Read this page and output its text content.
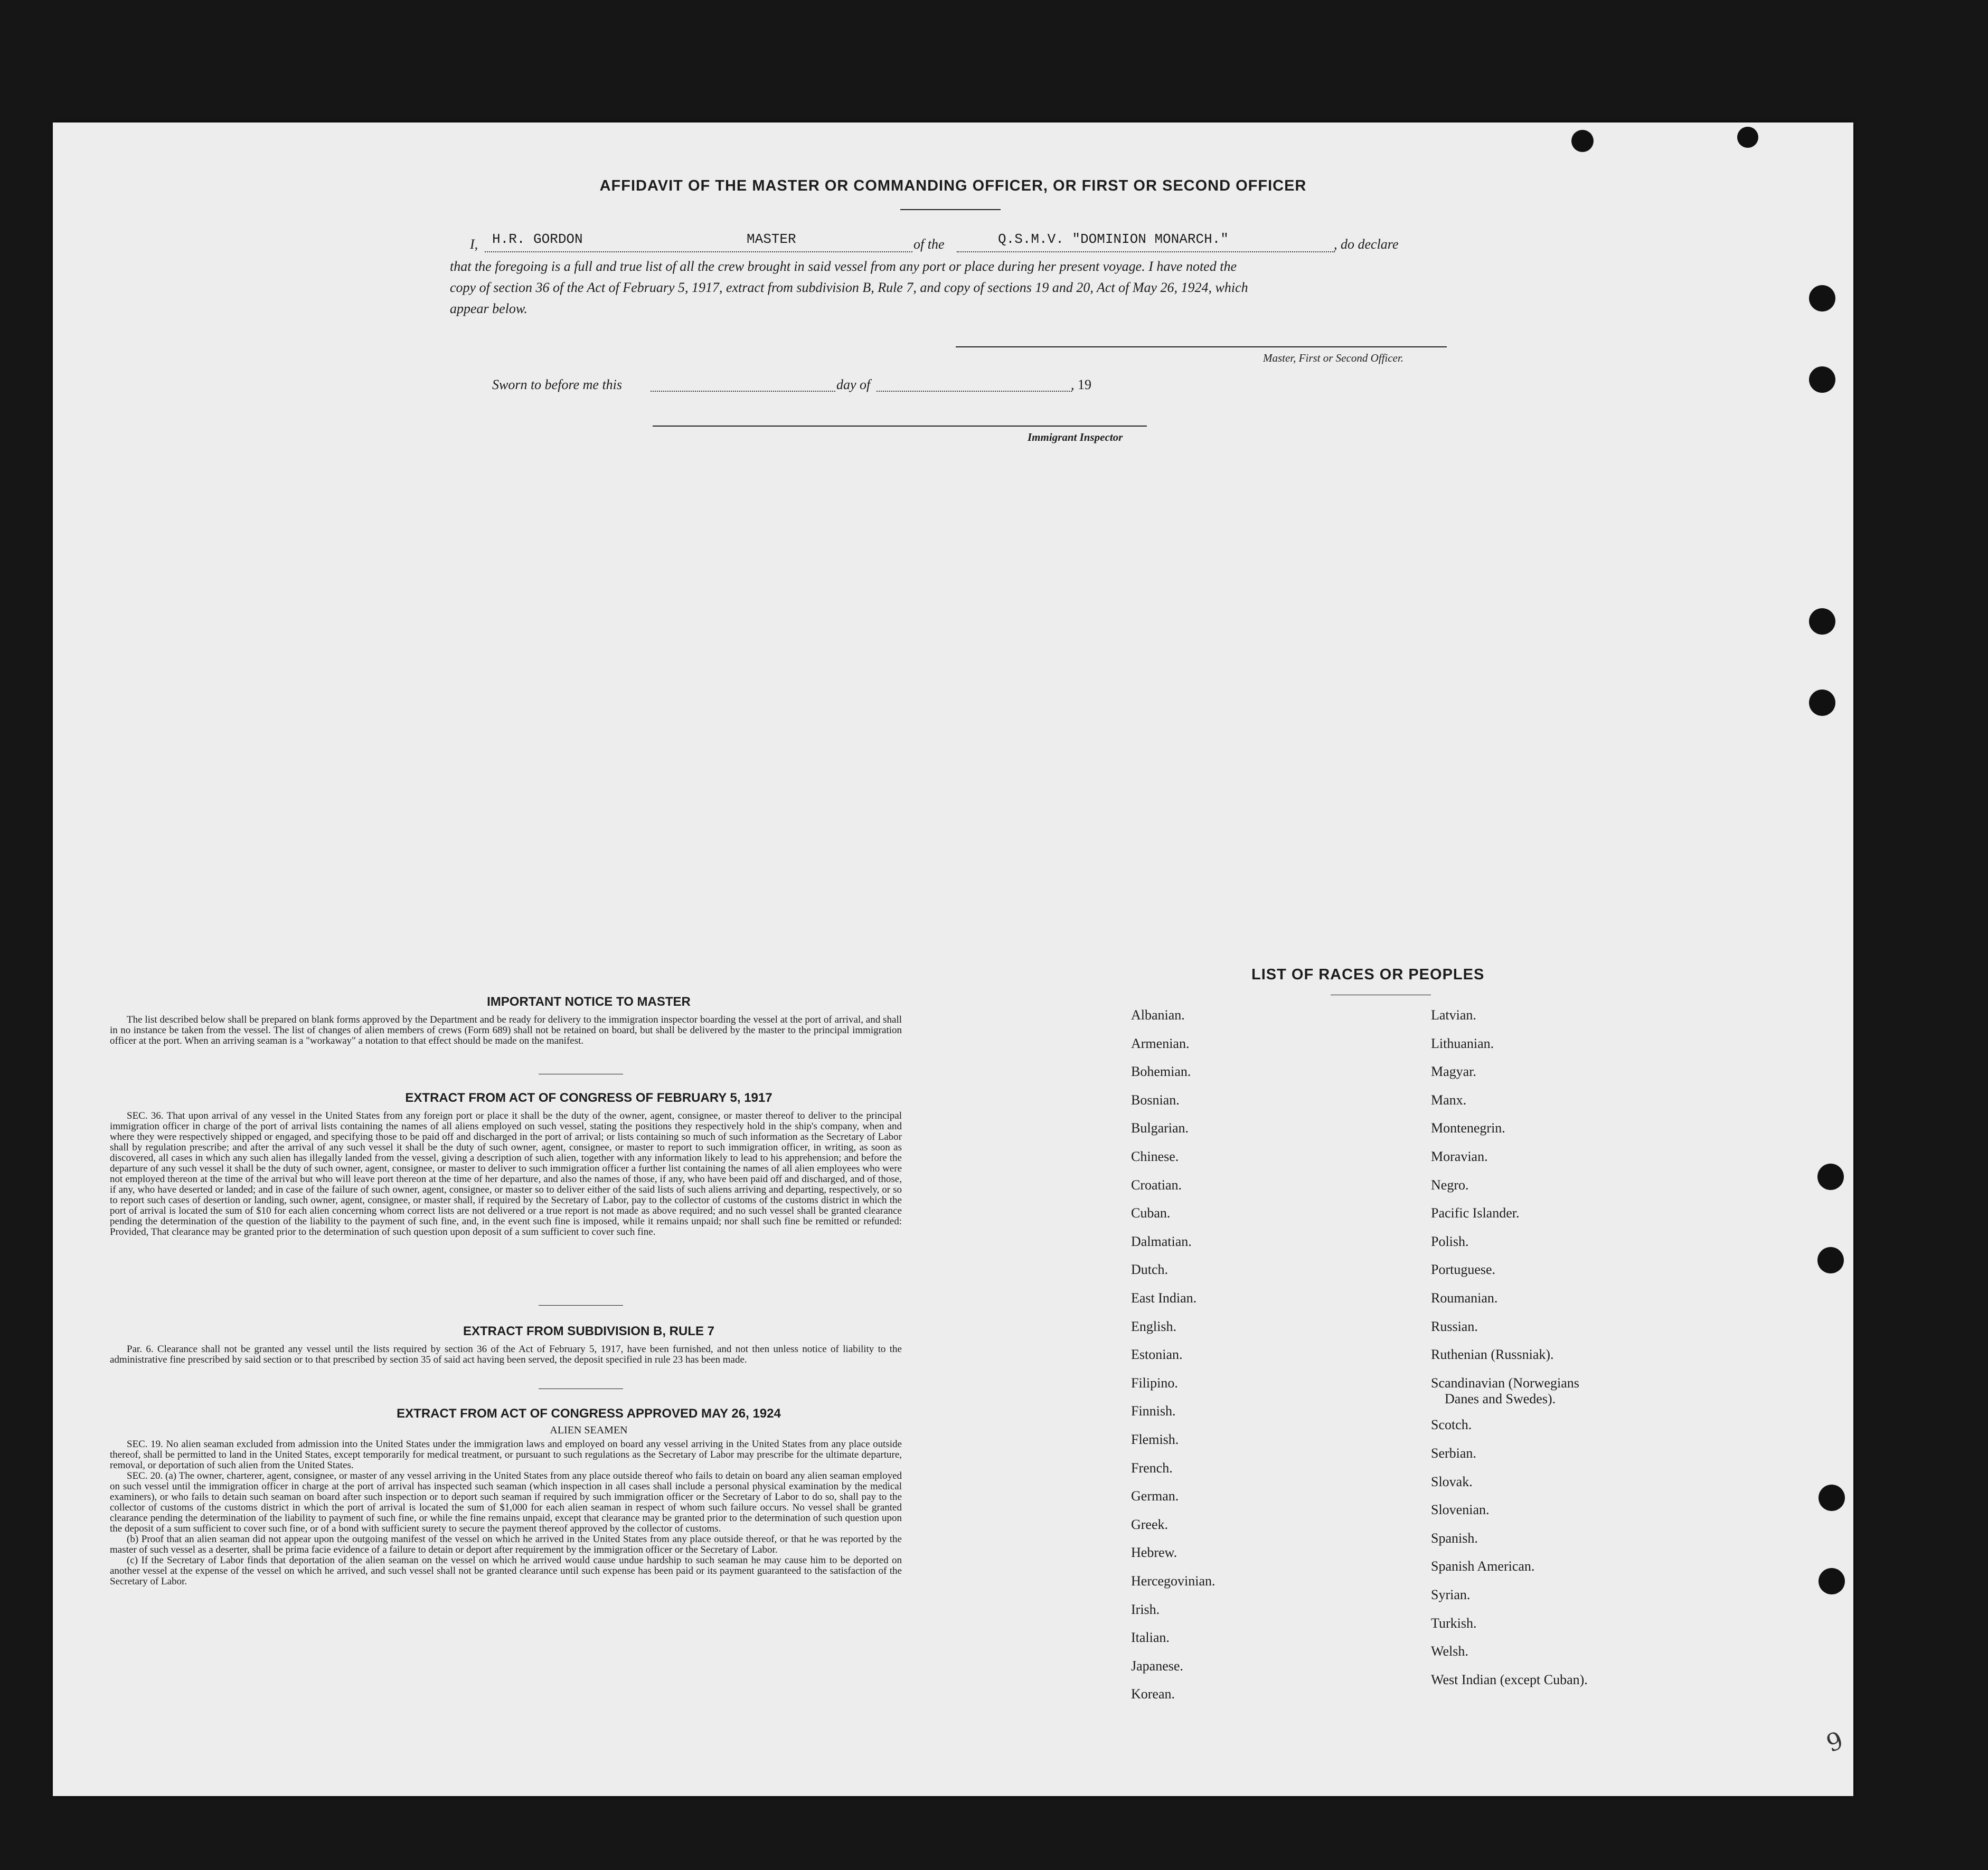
AFFIDAVIT OF THE MASTER OR COMMANDING OFFICER, OR FIRST OR SECOND OFFICER
I, H.R. GORDON	MASTER	of the	Q.S.M.V. "DOMINION MONARCH."	, do declare
that the foregoing is a full and true list of all the crew brought in said vessel from any port or place during her present voyage. I have noted the
copy of section 36 of the Act of February 5, 1917, extract from subdivision B, Rule 7, and copy of sections 19 and 20, Act of May 26, 1924, which
appear below.
Master, First or Second Officer.
Sworn to before me this	day of	, 19
Immigrant Inspector
IMPORTANT NOTICE TO MASTER

The list described below shall be prepared on blank forms approved by the Department and be ready for delivery to the immigration inspector boarding the vessel at the port of arrival, and shall in no instance be taken from the vessel. The list of changes of alien members of crews (Form 689) shall not be retained on board, but shall be delivered by the master to the principal immigration officer at the port. When an arriving seaman is a "workaway" a notation to that effect should be made on the manifest.

EXTRACT FROM ACT OF CONGRESS OF FEBRUARY 5, 1917

SEC. 36. That upon arrival of any vessel in the United States from any foreign port or place it shall be the duty of the owner, agent, consignee, or master thereof to deliver to the principal immigration officer in charge of the port of arrival lists containing the names of all aliens employed on such vessel, stating the positions they respectively hold in the ship's company, when and where they were respectively shipped or engaged, and specifying those to be paid off and discharged in the port of arrival; or lists containing so much of such information as the Secretary of Labor shall by regulation prescribe; and after the arrival of any such vessel it shall be the duty of such owner, agent, consignee, or master to report to such immigration officer, in writing, as soon as discovered, all cases in which any such alien has illegally landed from the vessel, giving a description of such alien, together with any information likely to lead to his apprehension; and before the departure of any such vessel it shall be the duty of such owner, agent, consignee, or master to deliver to such immigration officer a further list containing the names of all alien employees who were not employed thereon at the time of the arrival but who will leave port thereon at the time of her departure, and also the names of those, if any, who have been paid off and discharged, and of those, if any, who have deserted or landed; and in case of the failure of such owner, agent, consignee, or master so to deliver either of the said lists of such aliens arriving and departing, respectively, or so to report such cases of desertion or landing, such owner, agent, consignee, or master shall, if required by the Secretary of Labor, pay to the collector of customs of the customs district in which the port of arrival is located the sum of $10 for each alien concerning whom correct lists are not delivered or a true report is not made as above required; and no such vessel shall be granted clearance pending the determination of the question of the liability to the payment of such fine, and, in the event such fine is imposed, while it remains unpaid; nor shall such fine be remitted or refunded: Provided, That clearance may be granted prior to the determination of such question upon deposit of a sum sufficient to cover such fine.

EXTRACT FROM SUBDIVISION B, RULE 7

Par. 6. Clearance shall not be granted any vessel until the lists required by section 36 of the Act of February 5, 1917, have been furnished, and not then unless notice of liability to the administrative fine prescribed by said section or to that prescribed by section 35 of said act having been served, the deposit specified in rule 23 has been made.

EXTRACT FROM ACT OF CONGRESS APPROVED MAY 26, 1924
ALIEN SEAMEN

SEC. 19. No alien seaman excluded from admission into the United States under the immigration laws and employed on board any vessel arriving in the United States from any place outside thereof, shall be permitted to land in the United States, except temporarily for medical treatment, or pursuant to such regulations as the Secretary of Labor may prescribe for the ultimate departure, removal, or deportation of such alien from the United States.

SEC. 20. (a) The owner, charterer, agent, consignee, or master of any vessel arriving in the United States from any place outside thereof who fails to detain on board any alien seaman employed on such vessel until the immigration officer in charge at the port of arrival has inspected such seaman (which inspection in all cases shall include a personal physical examination by the medical examiners), or who fails to detain such seaman on board after such inspection or to deport such seaman if required by such immigration officer or the Secretary of Labor to do so, shall pay to the collector of customs of the customs district in which the port of arrival is located the sum of $1,000 for each alien seaman in respect of whom such failure occurs. No vessel shall be granted clearance pending the determination of the liability to payment of such fine, or while the fine remains unpaid, except that clearance may be granted prior to the determination of such question upon the deposit of a sum sufficient to cover such fine, or of a bond with sufficient surety to secure the payment thereof approved by the collector of customs.

(b) Proof that an alien seaman did not appear upon the outgoing manifest of the vessel on which he arrived in the United States from any place outside thereof, or that he was reported by the master of such vessel as a deserter, shall be prima facie evidence of a failure to detain or deport after requirement by the immigration officer or the Secretary of Labor.

(c) If the Secretary of Labor finds that deportation of the alien seaman on the vessel on which he arrived would cause undue hardship to such seaman he may cause him to be deported on another vessel at the expense of the vessel on which he arrived, and such vessel shall not be granted clearance until such expense has been paid or its payment guaranteed to the satisfaction of the Secretary of Labor.

LIST OF RACES OR PEOPLES
Albanian.
Armenian.
Bohemian.
Bosnian.
Bulgarian.
Chinese.
Croatian.
Cuban.
Dalmatian.
Dutch.
East Indian.
English.
Estonian.
Filipino.
Finnish.
Flemish.
French.
German.
Greek.
Hebrew.
Hercegovinian.
Irish.
Italian.
Japanese.
Korean.
Latvian.
Lithuanian.
Magyar.
Manx.
Montenegrin.
Moravian.
Negro.
Pacific Islander.
Polish.
Portuguese.
Roumanian.
Russian.
Ruthenian (Russniak).
Scandinavian (Norwegians
Danes and Swedes).
Scotch.
Serbian.
Slovak.
Slovenian.
Spanish.
Spanish American.
Syrian.
Turkish.
Welsh.
West Indian (except Cuban).
9
